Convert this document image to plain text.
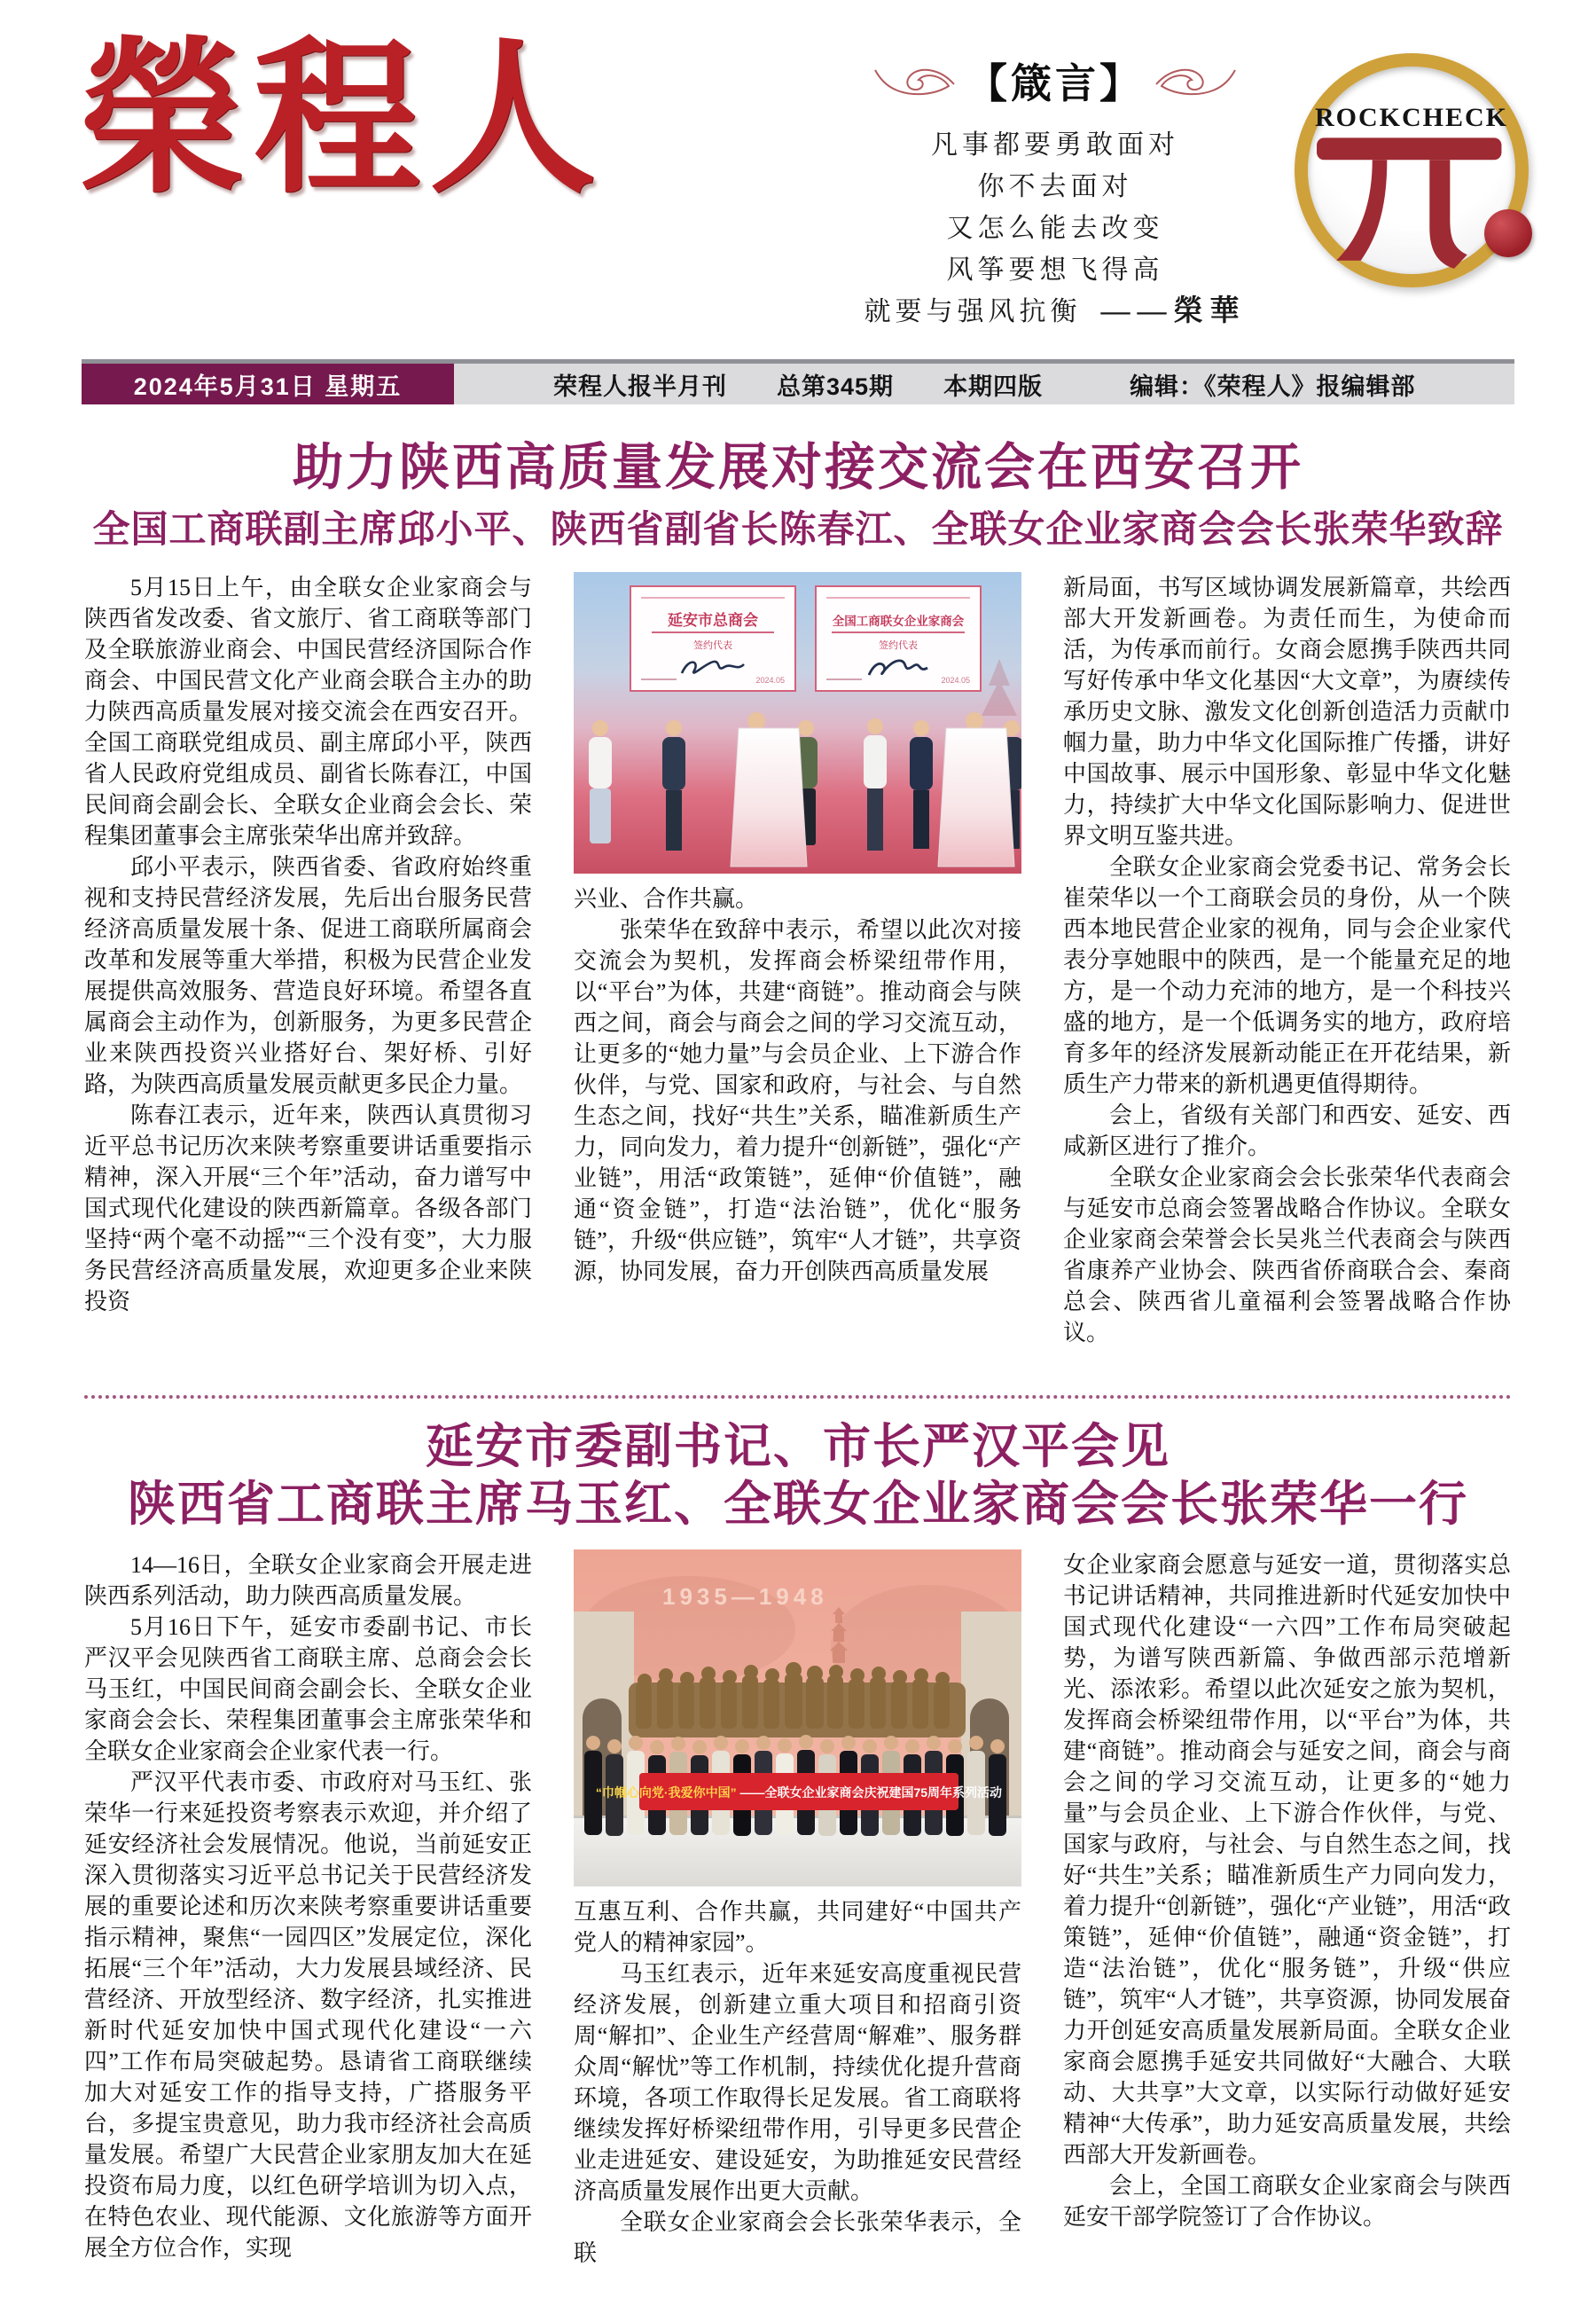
榮程人	【箴言】
凡事都要勇敢面对
你不去面对
又怎么能去改变
风筝要想飞得高
就要与强风抗衡 ——榮華
ROCKCHECK
2024年5月31日 星期五	荣程人报半月刊 总第345期 本期四版	编辑：《荣程人》报编辑部
助力陕西高质量发展对接交流会在西安召开
全国工商联副主席邱小平、陕西省副省长陈春江、全联女企业家商会会长张荣华致辞

5月15日上午，由全联女企业家商会与陕西省发改委、省文旅厅、省工商联等部门及全联旅游业商会、中国民营经济国际合作商会、中国民营文化产业商会联合主办的助力陕西高质量发展对接交流会在西安召开。全国工商联党组成员、副主席邱小平，陕西省人民政府党组成员、副省长陈春江，中国民间商会副会长、全联女企业商会会长、荣程集团董事会主席张荣华出席并致辞。

邱小平表示，陕西省委、省政府始终重视和支持民营经济发展，先后出台服务民营经济高质量发展十条、促进工商联所属商会改革和发展等重大举措，积极为民营企业发展提供高效服务、营造良好环境。希望各直属商会主动作为，创新服务，为更多民营企业来陕西投资兴业搭好台、架好桥、引好路，为陕西高质量发展贡献更多民企力量。

陈春江表示，近年来，陕西认真贯彻习近平总书记历次来陕考察重要讲话重要指示精神，深入开展“三个年”活动，奋力谱写中国式现代化建设的陕西新篇章。各级各部门坚持“两个毫不动摇”“三个没有变”，大力服务民营经济高质量发展，欢迎更多企业来陕投资

延安市总商会
签约代表
2024.05
全国工商联女企业家商会
签约代表
2024.05

兴业、合作共赢。

张荣华在致辞中表示，希望以此次对接交流会为契机，发挥商会桥梁纽带作用，以“平台”为体，共建“商链”。推动商会与陕西之间，商会与商会之间的学习交流互动，让更多的“她力量”与会员企业、上下游合作伙伴，与党、国家和政府，与社会、与自然生态之间，找好“共生”关系，瞄准新质生产力，同向发力，着力提升“创新链”，强化“产业链”，用活“政策链”，延伸“价值链”，融通“资金链”，打造“法治链”，优化“服务链”，升级“供应链”，筑牢“人才链”，共享资源，协同发展，奋力开创陕西高质量发展

新局面，书写区域协调发展新篇章，共绘西部大开发新画卷。为责任而生，为使命而活，为传承而前行。女商会愿携手陕西共同写好传承中华文化基因“大文章”，为赓续传承历史文脉、激发文化创新创造活力贡献巾帼力量，助力中华文化国际推广传播，讲好中国故事、展示中国形象、彰显中华文化魅力，持续扩大中华文化国际影响力、促进世界文明互鉴共进。

全联女企业家商会党委书记、常务会长崔荣华以一个工商联会员的身份，从一个陕西本地民营企业家的视角，同与会企业家代表分享她眼中的陕西，是一个能量充足的地方，是一个动力充沛的地方，是一个科技兴盛的地方，是一个低调务实的地方，政府培育多年的经济发展新动能正在开花结果，新质生产力带来的新机遇更值得期待。

会上，省级有关部门和西安、延安、西咸新区进行了推介。

全联女企业家商会会长张荣华代表商会与延安市总商会签署战略合作协议。全联女企业家商会荣誉会长吴兆兰代表商会与陕西省康养产业协会、陕西省侨商联合会、秦商总会、陕西省儿童福利会签署战略合作协议。

延安市委副书记、市长严汉平会见
陕西省工商联主席马玉红、全联女企业家商会会长张荣华一行

14—16日，全联女企业家商会开展走进陕西系列活动，助力陕西高质量发展。

5月16日下午，延安市委副书记、市长严汉平会见陕西省工商联主席、总商会会长马玉红，中国民间商会副会长、全联女企业家商会会长、荣程集团董事会主席张荣华和全联女企业家商会企业家代表一行。

严汉平代表市委、市政府对马玉红、张荣华一行来延投资考察表示欢迎，并介绍了延安经济社会发展情况。他说，当前延安正深入贯彻落实习近平总书记关于民营经济发展的重要论述和历次来陕考察重要讲话重要指示精神，聚焦“一园四区”发展定位，深化拓展“三个年”活动，大力发展县域经济、民营经济、开放型经济、数字经济，扎实推进新时代延安加快中国式现代化建设“一六四”工作布局突破起势。恳请省工商联继续加大对延安工作的指导支持，广搭服务平台，多提宝贵意见，助力我市经济社会高质量发展。希望广大民营企业家朋友加大在延投资布局力度，以红色研学培训为切入点，在特色农业、现代能源、文化旅游等方面开展全方位合作，实现

1935—1948
“巾帼心向党·我爱你中国” ——全联女企业家商会庆祝建国75周年系列活动

互惠互利、合作共赢，共同建好“中国共产党人的精神家园”。

马玉红表示，近年来延安高度重视民营经济发展，创新建立重大项目和招商引资周“解扣”、企业生产经营周“解难”、服务群众周“解忧”等工作机制，持续优化提升营商环境，各项工作取得长足发展。省工商联将继续发挥好桥梁纽带作用，引导更多民营企业走进延安、建设延安，为助推延安民营经济高质量发展作出更大贡献。

全联女企业家商会会长张荣华表示，全联

女企业家商会愿意与延安一道，贯彻落实总书记讲话精神，共同推进新时代延安加快中国式现代化建设“一六四”工作布局突破起势，为谱写陕西新篇、争做西部示范增新光、添浓彩。希望以此次延安之旅为契机，发挥商会桥梁纽带作用，以“平台”为体，共建“商链”。推动商会与延安之间，商会与商会之间的学习交流互动，让更多的“她力量”与会员企业、上下游合作伙伴，与党、国家与政府，与社会、与自然生态之间，找好“共生”关系；瞄准新质生产力同向发力，着力提升“创新链”，强化“产业链”，用活“政策链”，延伸“价值链”，融通“资金链”，打造“法治链”，优化“服务链”，升级“供应链”，筑牢“人才链”，共享资源，协同发展奋力开创延安高质量发展新局面。全联女企业家商会愿携手延安共同做好“大融合、大联动、大共享”大文章，以实际行动做好延安精神“大传承”，助力延安高质量发展，共绘西部大开发新画卷。

会上，全国工商联女企业家商会与陕西延安干部学院签订了合作协议。
